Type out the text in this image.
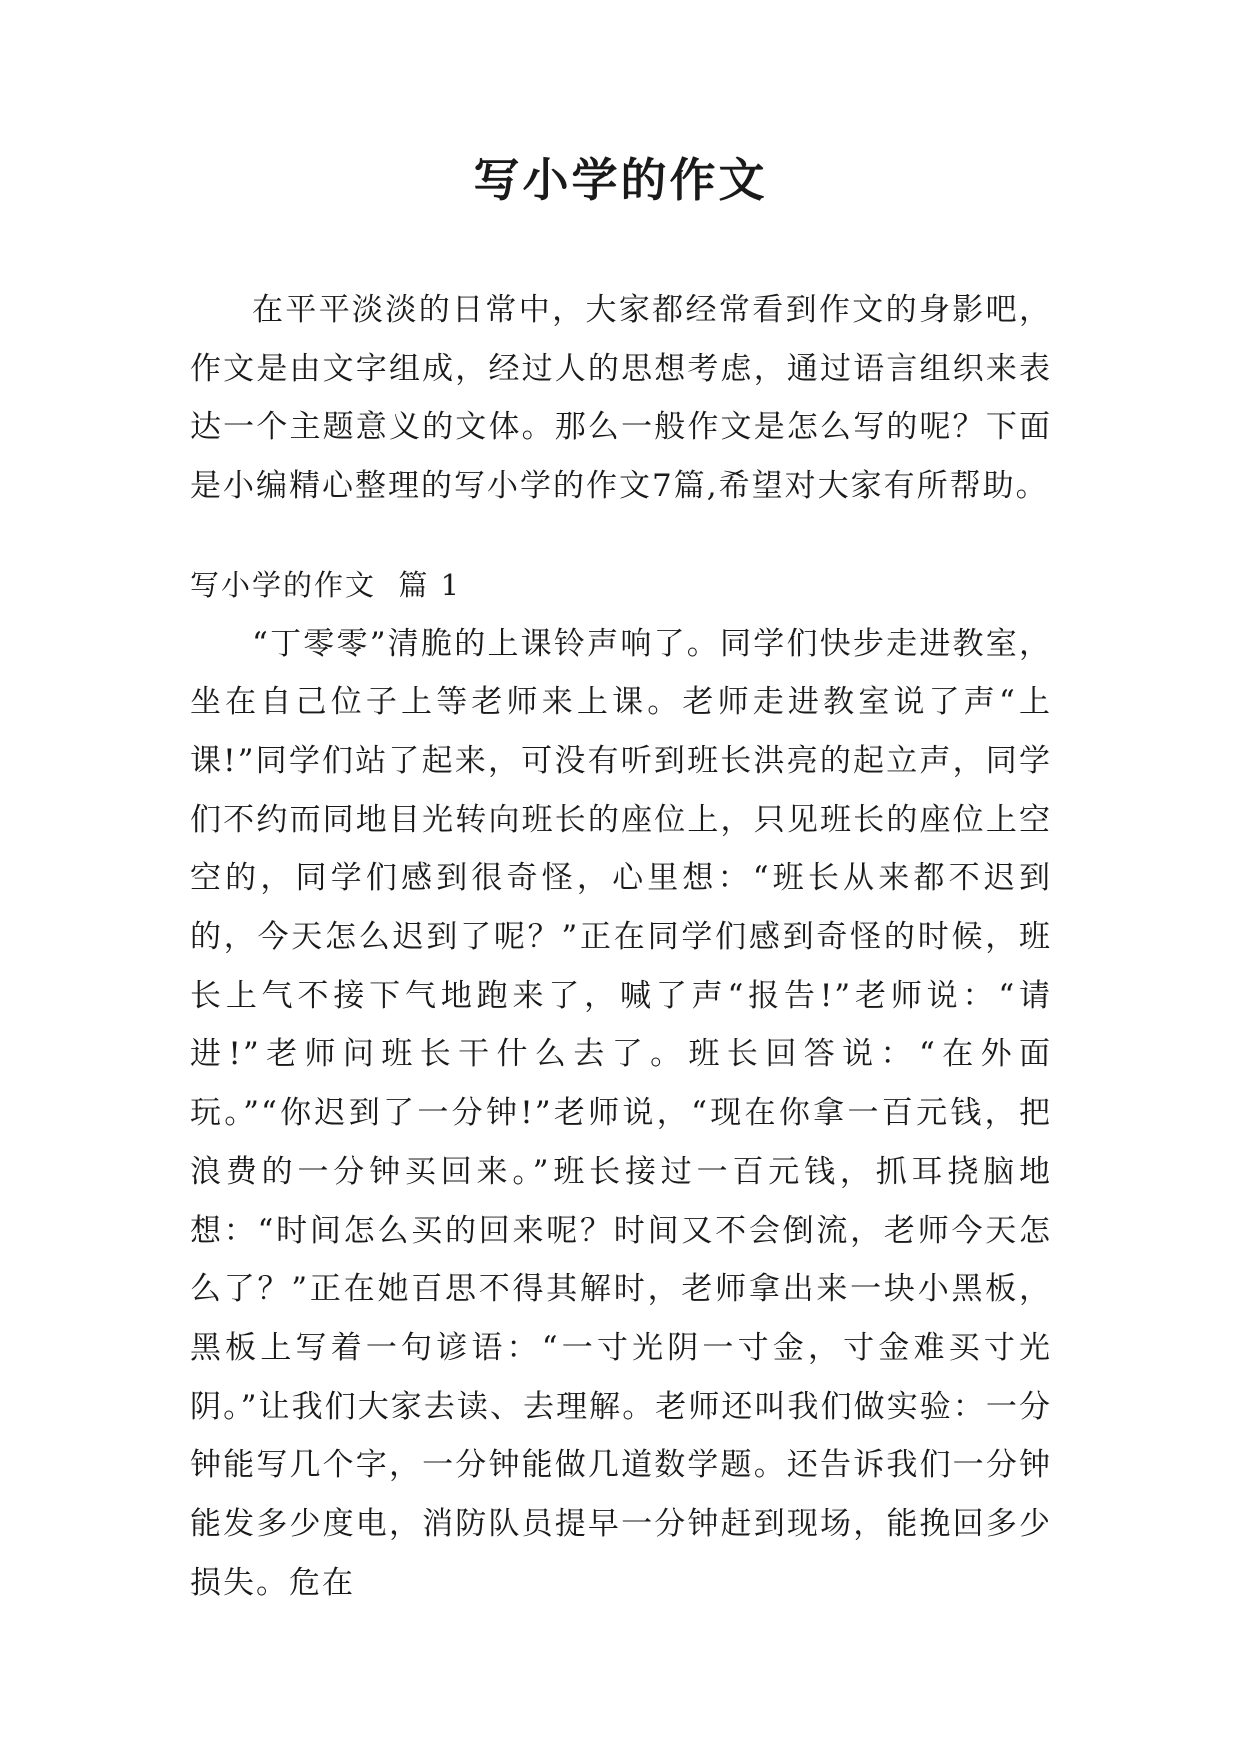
写小学的作文

在平平淡淡的日常中，大家都经常看到作文的身影吧，作文是由文字组成，经过人的思想考虑，通过语言组织来表达一个主题意义的文体。那么一般作文是怎么写的呢？下面是小编精心整理的写小学的作文7篇,希望对大家有所帮助。

写小学的作文  篇 1

“丁零零”清脆的上课铃声响了。同学们快步走进教室，坐在自己位子上等老师来上课。老师走进教室说了声“上课!”同学们站了起来，可没有听到班长洪亮的起立声，同学们不约而同地目光转向班长的座位上，只见班长的座位上空空的，同学们感到很奇怪，心里想：“班长从来都不迟到的，今天怎么迟到了呢？”正在同学们感到奇怪的时候，班长上气不接下气地跑来了，喊了声“报告!”老师说：“请进!”老师问班长干什么去了。班长回答说：“在外面玩。”“你迟到了一分钟!”老师说，“现在你拿一百元钱，把浪费的一分钟买回来。”班长接过一百元钱，抓耳挠脑地想：“时间怎么买的回来呢？时间又不会倒流，老师今天怎么了？”正在她百思不得其解时，老师拿出来一块小黑板，黑板上写着一句谚语：“一寸光阴一寸金，寸金难买寸光阴。”让我们大家去读、去理解。老师还叫我们做实验：一分钟能写几个字，一分钟能做几道数学题。还告诉我们一分钟能发多少度电，消防队员提早一分钟赶到现场，能挽回多少损失。危在
